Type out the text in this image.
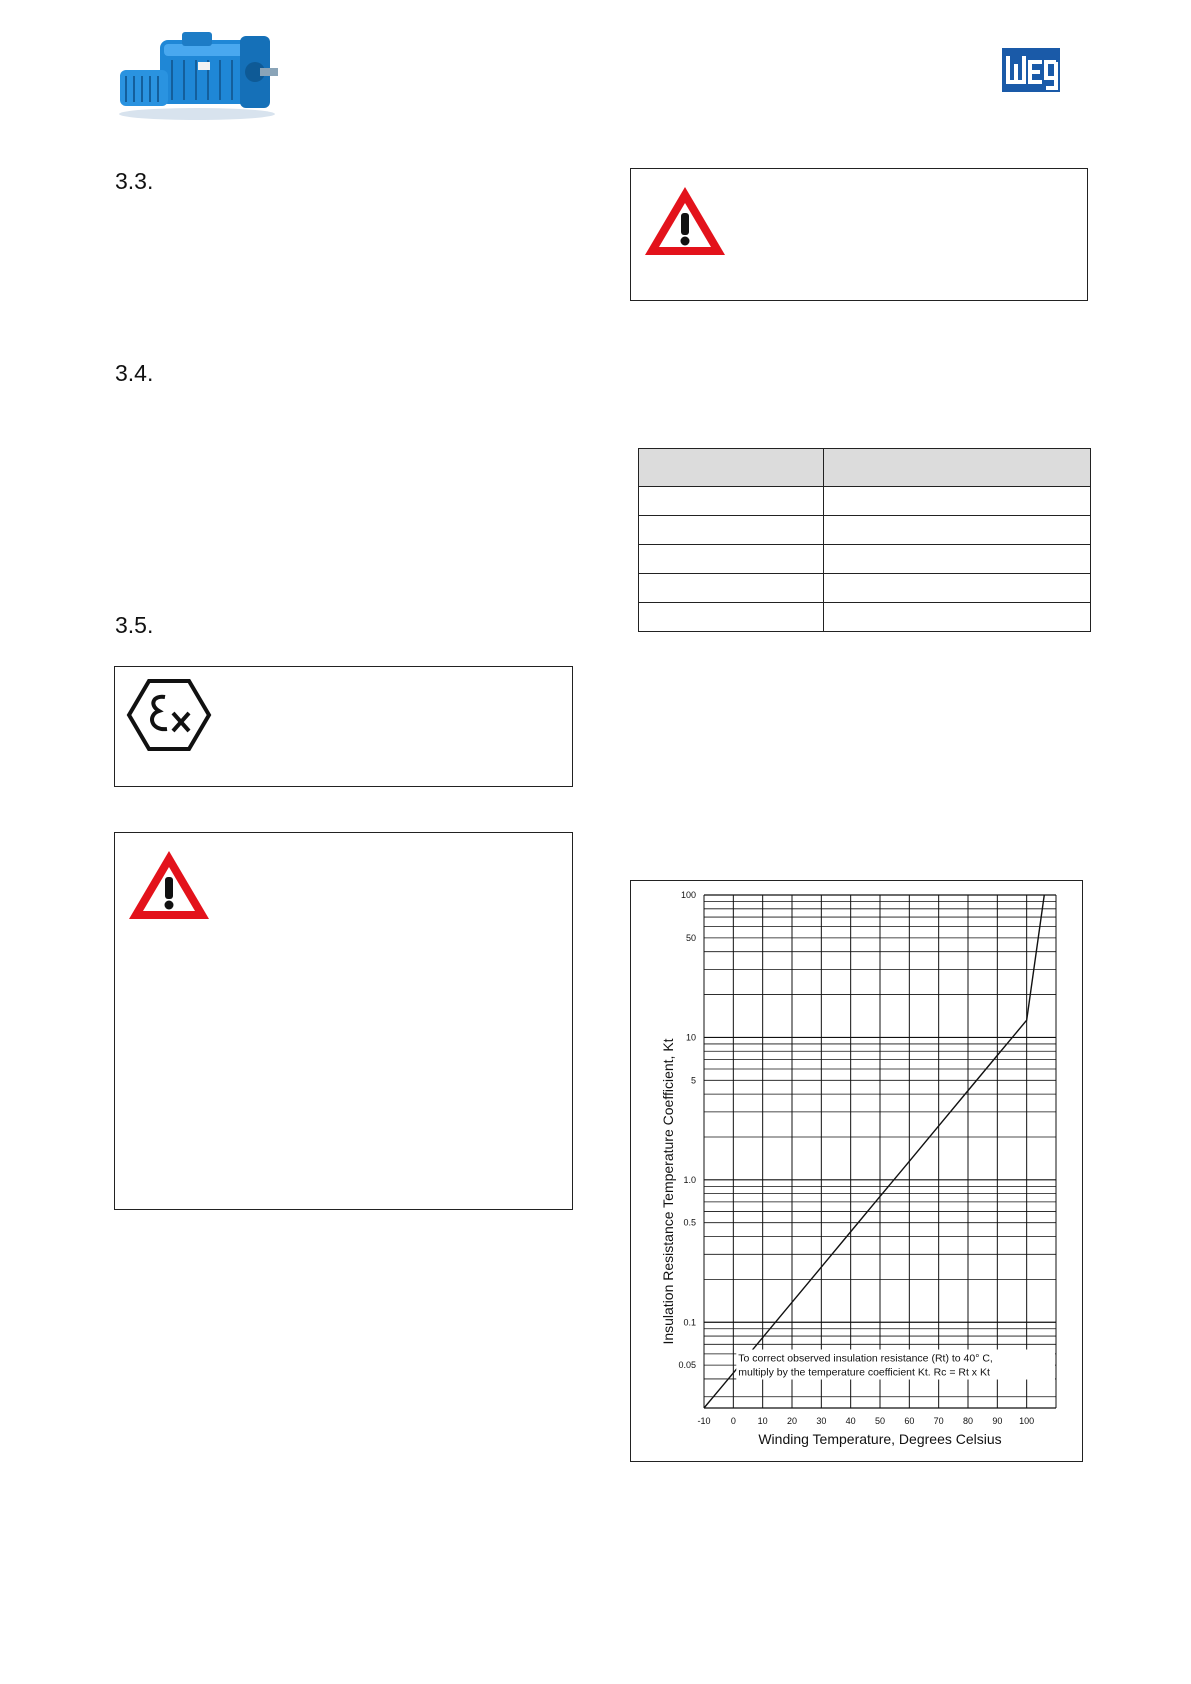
3.3.
3.4.
3.5.

-10 0 10 20 30 40 50 60 70 80 90 100
100
50
10
5
1.0
0.5
0.1
0.05
To correct observed insulation resistance (Rt) to 40° C,
multiply by the temperature coefficient Kt. Rc = Rt x Kt
Winding Temperature, Degrees Celsius
Insulation Resistance Temperature Coefficient, Kt
